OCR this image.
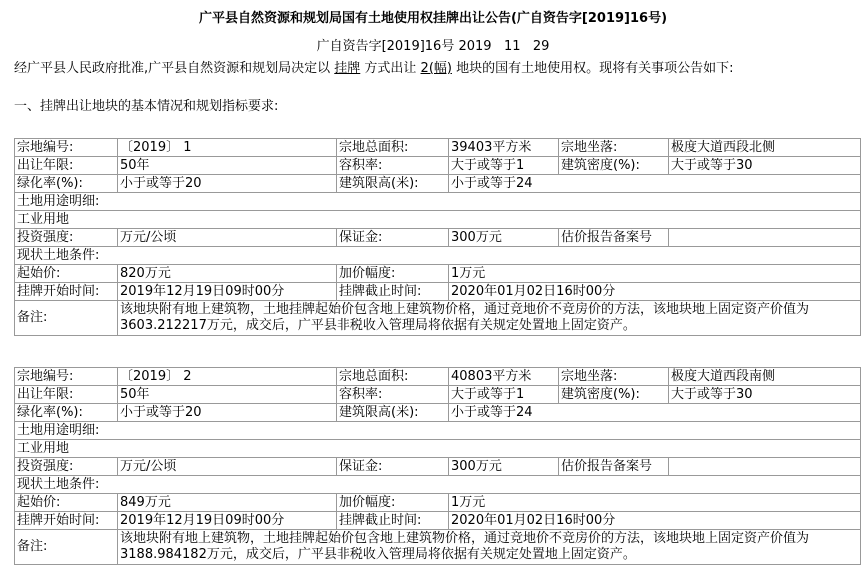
广平县自然资源和规划局国有土地使用权挂牌出让公告(广自资告字[2019]16号)
广自资告字[2019]16号 2019   11   29
经广平县人民政府批准,广平县自然资源和规划局决定以 挂牌 方式出让 2(幅) 地块的国有土地使用权。现将有关事项公告如下:
一、挂牌出让地块的基本情况和规划指标要求:
宗地编号:	〔2019〕 1	宗地总面积:	39403平方米	宗地坐落:	极度大道西段北侧
出让年限:	50年	容积率:	大于或等于1	建筑密度(%):	大于或等于30
绿化率(%):	小于或等于20	建筑限高(米):	小于或等于24		
土地用途明细:					
工业用地					
投资强度:	万元/公顷	保证金:	300万元	估价报告备案号	
现状土地条件:					
起始价:	820万元	加价幅度:	1万元		
挂牌开始时间:	2019年12月19日09时00分	挂牌截止时间:	2020年01月02日16时00分		
备注:	该地块附有地上建筑物，土地挂牌起始价包含地上建筑物价格，通过竞地价不竞房价的方法，该地块地上固定资产价值为3603.212217万元，成交后，广平县非税收入管理局将依据有关规定处置地上固定资产。				
宗地编号:	〔2019〕 2	宗地总面积:	40803平方米	宗地坐落:	极度大道西段南侧
出让年限:	50年	容积率:	大于或等于1	建筑密度(%):	大于或等于30
绿化率(%):	小于或等于20	建筑限高(米):	小于或等于24		
土地用途明细:					
工业用地					
投资强度:	万元/公顷	保证金:	300万元	估价报告备案号	
现状土地条件:					
起始价:	849万元	加价幅度:	1万元		
挂牌开始时间:	2019年12月19日09时00分	挂牌截止时间:	2020年01月02日16时00分		
备注:	该地块附有地上建筑物，土地挂牌起始价包含地上建筑物价格，通过竞地价不竞房价的方法，该地块地上固定资产价值为3188.984182万元，成交后，广平县非税收入管理局将依据有关规定处置地上固定资产。				
